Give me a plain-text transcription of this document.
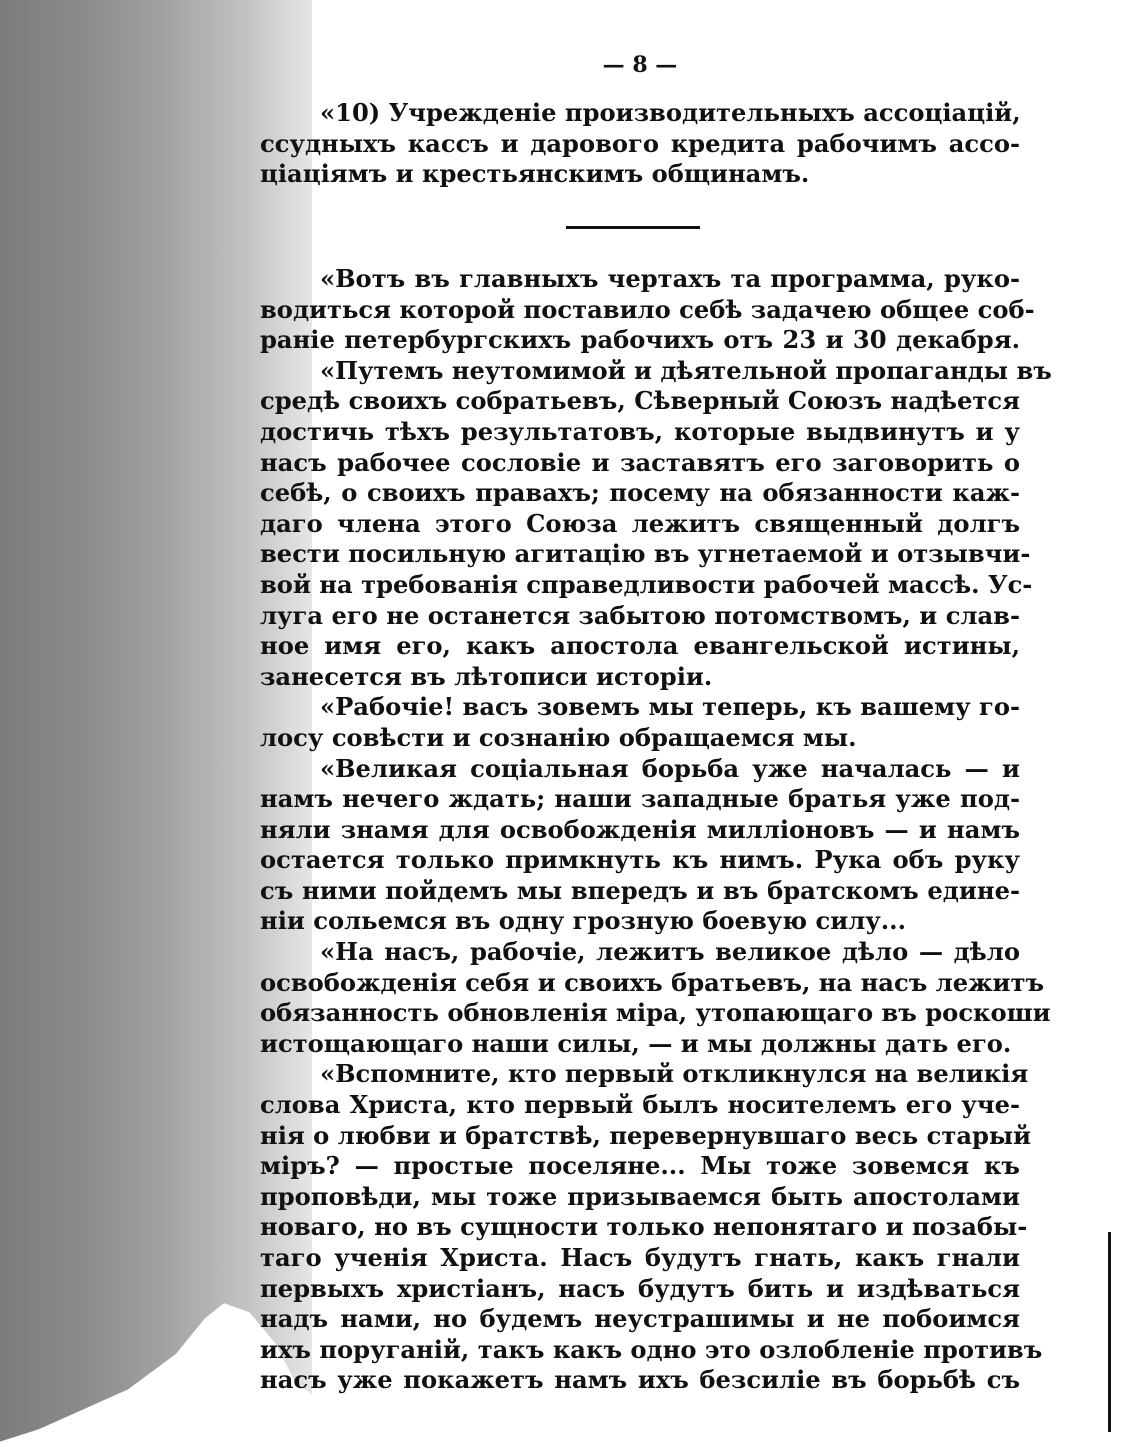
— 8 —
«10) Учрежденіе производительныхъ ассоціацій,
ссудныхъ кассъ и дарового кредита рабочимъ ассо-
ціаціямъ и крестьянскимъ общинамъ.
«Вотъ въ главныхъ чертахъ та программа, руко-
водиться которой поставило себѣ задачею общее соб-
раніе петербургскихъ рабочихъ отъ 23 и 30 декабря.
«Путемъ неутомимой и дѣятельной пропаганды въ
средѣ своихъ собратьевъ, Сѣверный Союзъ надѣется
достичь тѣхъ результатовъ, которые выдвинутъ и у
насъ рабочее сословіе и заставятъ его заговорить о
себѣ, о своихъ правахъ; посему на обязанности каж-
даго члена этого Союза лежитъ священный долгъ
вести посильную агитацію въ угнетаемой и отзывчи-
вой на требованія справедливости рабочей массѣ. Ус-
луга его не останется забытою потомствомъ, и слав-
ное имя его, какъ апостола евангельской истины,
занесется въ лѣтописи исторіи.
«Рабочіе! васъ зовемъ мы теперь, къ вашему го-
лосу совѣсти и сознанію обращаемся мы.
«Великая соціальная борьба уже началась — и
намъ нечего ждать; наши западные братья уже под-
няли знамя для освобожденія милліоновъ — и намъ
остается только примкнуть къ нимъ. Рука объ руку
съ ними пойдемъ мы впередъ и въ братскомъ едине-
ніи сольемся въ одну грозную боевую силу...
«На насъ, рабочіе, лежитъ великое дѣло — дѣло
освобожденія себя и своихъ братьевъ, на насъ лежитъ
обязанность обновленія міра, утопающаго въ роскоши
истощающаго наши силы, — и мы должны дать его.
«Вспомните, кто первый откликнулся на великія
слова Христа, кто первый былъ носителемъ его уче-
нія о любви и братствѣ, перевернувшаго весь старый
міръ? — простые поселяне... Мы тоже зовемся къ
проповѣди, мы тоже призываемся быть апостолами
новаго, но въ сущности только непонятаго и позабы-
таго ученія Христа. Насъ будутъ гнать, какъ гнали
первыхъ христіанъ, насъ будутъ бить и издѣваться
надъ нами, но будемъ неустрашимы и не побоимся
ихъ поруганій, такъ какъ одно это озлобленіе противъ
насъ уже покажетъ намъ ихъ безсиліе въ борьбѣ съ
